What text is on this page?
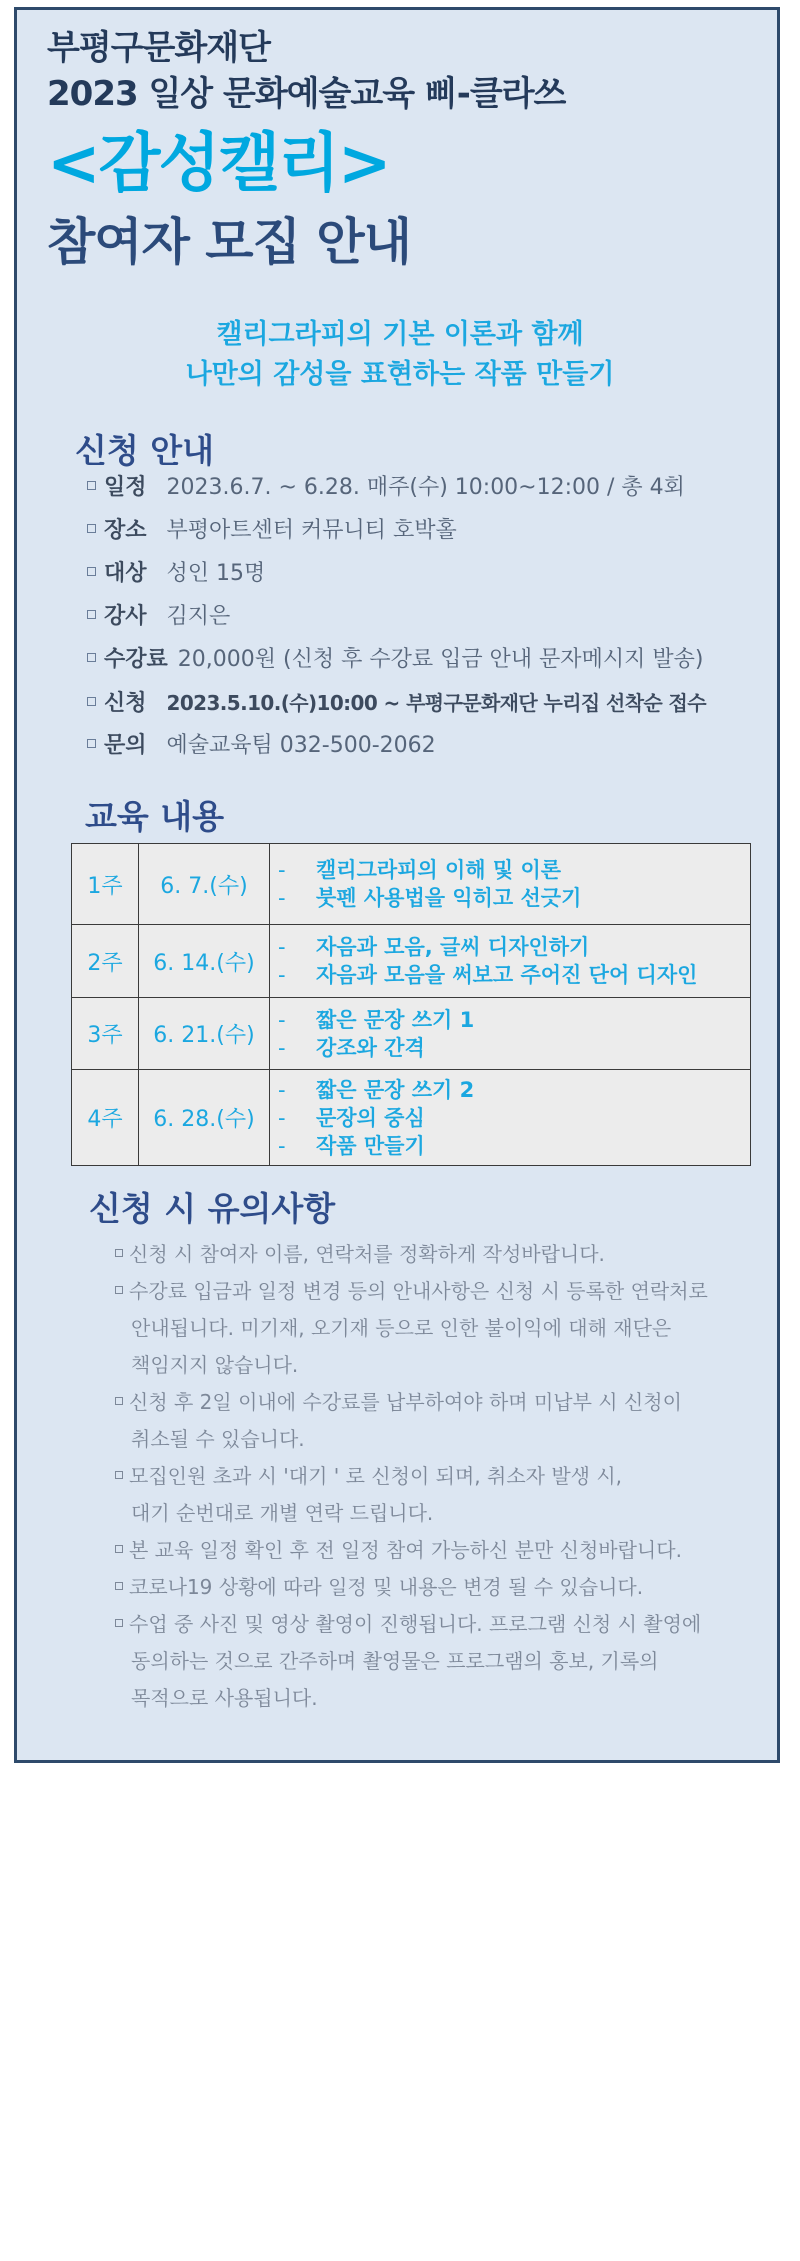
부평구문화재단
2023 일상 문화예술교육 삐-클라쓰
<감성캘리>
참여자 모집 안내
캘리그라피의 기본 이론과 함께
나만의 감성을 표현하는 작품 만들기
신청 안내
일정 2023.6.7. ~ 6.28. 매주(수) 10:00~12:00 / 총 4회
장소 부평아트센터 커뮤니티 호박홀
대상 성인 15명
강사 김지은
수강료 20,000원 (신청 후 수강료 입금 안내 문자메시지 발송)
신청 2023.5.10.(수)10:00 ~ 부평구문화재단 누리집 선착순 접수
문의 예술교육팀 032-500-2062
교육 내용
1주	6. 7.(수)	- 캘리그라피의 이해 및 이론
- 붓펜 사용법을 익히고 선긋기

2주	6. 14.(수)	- 자음과 모음, 글씨 디자인하기
- 자음과 모음을 써보고 주어진 단어 디자인

3주	6. 21.(수)	- 짧은 문장 쓰기 1
- 강조와 간격

4주	6. 28.(수)	- 짧은 문장 쓰기 2
- 문장의 중심
- 작품 만들기
신청 시 유의사항
신청 시 참여자 이름, 연락처를 정확하게 작성바랍니다.
수강료 입금과 일정 변경 등의 안내사항은 신청 시 등록한 연락처로
안내됩니다. 미기재, 오기재 등으로 인한 불이익에 대해 재단은
책임지지 않습니다.
신청 후 2일 이내에 수강료를 납부하여야 하며 미납부 시 신청이
취소될 수 있습니다.
모집인원 초과 시 '대기 ' 로 신청이 되며, 취소자 발생 시,
대기 순번대로 개별 연락 드립니다.
본 교육 일정 확인 후 전 일정 참여 가능하신 분만 신청바랍니다.
코로나19 상황에 따라 일정 및 내용은 변경 될 수 있습니다.
수업 중 사진 및 영상 촬영이 진행됩니다. 프로그램 신청 시 촬영에
동의하는 것으로 간주하며 촬영물은 프로그램의 홍보, 기록의
목적으로 사용됩니다.
